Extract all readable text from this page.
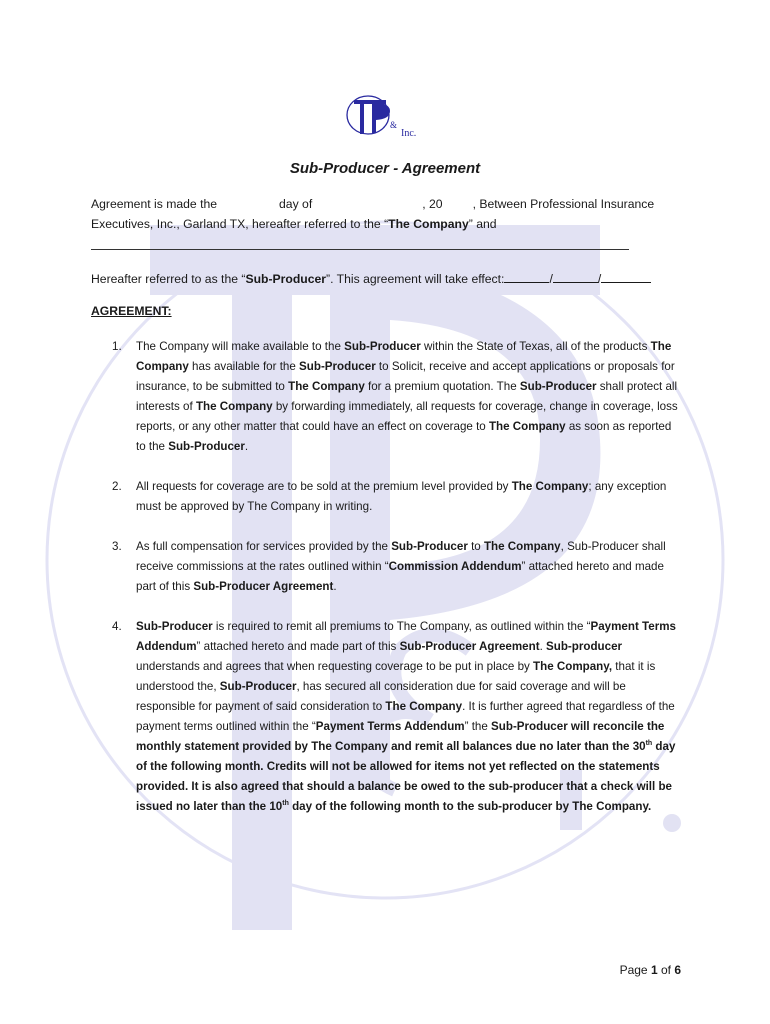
&
Inc.
Sub-Producer - Agreement
Agreement is made the	day of	, 20 , Between Professional Insurance
Executives, Inc., Garland TX, hereafter referred to the “The Company” and
Hereafter referred to as the “Sub-Producer”. This agreement will take effect:	/	/
AGREEMENT:
1. The Company will make available to the Sub-Producer within the State of Texas, all of the products The Company has available for the Sub-Producer to Solicit, receive and accept applications or proposals for insurance, to be submitted to The Company for a premium quotation. The Sub-Producer shall protect all interests of The Company by forwarding immediately, all requests for coverage, change in coverage, loss reports, or any other matter that could have an effect on coverage to The Company as soon as reported to the Sub-Producer.
2. All requests for coverage are to be sold at the premium level provided by The Company; any exception must be approved by The Company in writing.
3. As full compensation for services provided by the Sub-Producer to The Company, Sub-Producer shall receive commissions at the rates outlined within “Commission Addendum” attached hereto and made part of this Sub-Producer Agreement.
4. Sub-Producer is required to remit all premiums to The Company, as outlined within the “Payment Terms Addendum” attached hereto and made part of this Sub-Producer Agreement. Sub-producer understands and agrees that when requesting coverage to be put in place by The Company, that it is understood the, Sub-Producer, has secured all consideration due for said coverage and will be responsible for payment of said consideration to The Company. It is further agreed that regardless of the payment terms outlined within the “Payment Terms Addendum” the Sub-Producer will reconcile the monthly statement provided by The Company and remit all balances due no later than the 30th day of the following month. Credits will not be allowed for items not yet reflected on the statements provided. It is also agreed that should a balance be owed to the sub-producer that a check will be issued no later than the 10th day of the following month to the sub-producer by The Company.
Page 1 of 6
